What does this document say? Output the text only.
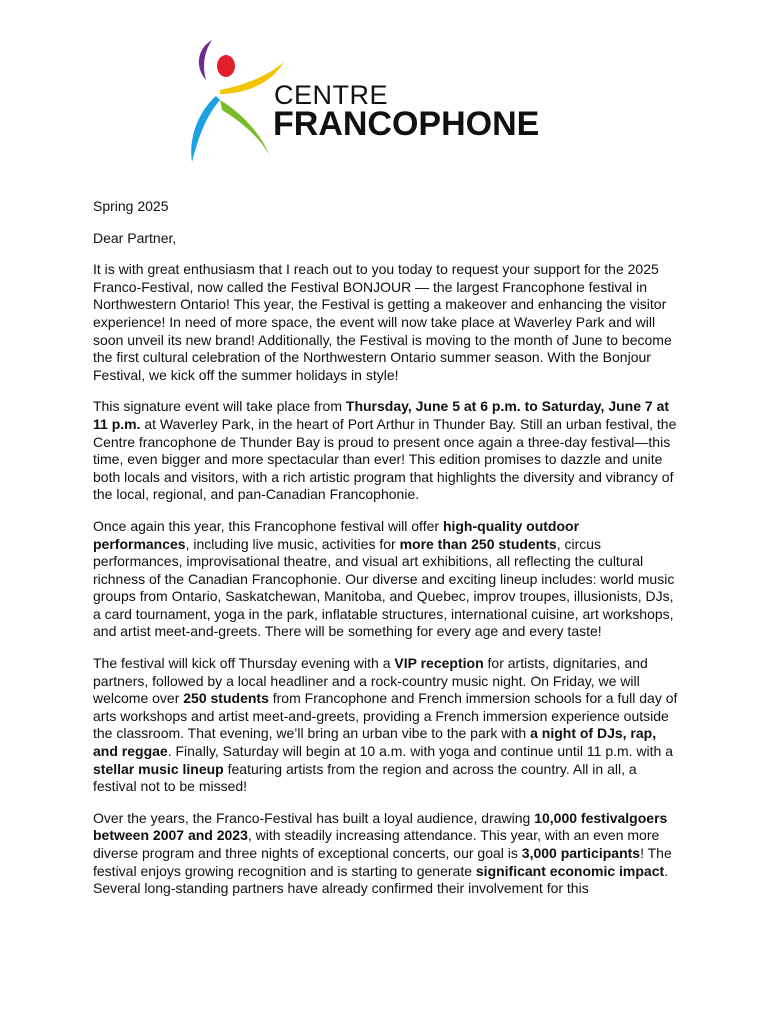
CENTRE
FRANCOPHONE

Spring 2025

Dear Partner,

It is with great enthusiasm that I reach out to you today to request your support for the 2025 Franco-Festival, now called the Festival BONJOUR — the largest Francophone festival in Northwestern Ontario! This year, the Festival is getting a makeover and enhancing the visitor experience! In need of more space, the event will now take place at Waverley Park and will soon unveil its new brand! Additionally, the Festival is moving to the month of June to become the first cultural celebration of the Northwestern Ontario summer season. With the Bonjour Festival, we kick off the summer holidays in style!

This signature event will take place from Thursday, June 5 at 6 p.m. to Saturday, June 7 at 11 p.m. at Waverley Park, in the heart of Port Arthur in Thunder Bay. Still an urban festival, the Centre francophone de Thunder Bay is proud to present once again a three-day festival—this time, even bigger and more spectacular than ever! This edition promises to dazzle and unite both locals and visitors, with a rich artistic program that highlights the diversity and vibrancy of the local, regional, and pan-Canadian Francophonie.

Once again this year, this Francophone festival will offer high-quality outdoor performances, including live music, activities for more than 250 students, circus performances, improvisational theatre, and visual art exhibitions, all reflecting the cultural richness of the Canadian Francophonie. Our diverse and exciting lineup includes: world music groups from Ontario, Saskatchewan, Manitoba, and Quebec, improv troupes, illusionists, DJs, a card tournament, yoga in the park, inflatable structures, international cuisine, art workshops, and artist meet-and-greets. There will be something for every age and every taste!

The festival will kick off Thursday evening with a VIP reception for artists, dignitaries, and partners, followed by a local headliner and a rock-country music night. On Friday, we will welcome over 250 students from Francophone and French immersion schools for a full day of arts workshops and artist meet-and-greets, providing a French immersion experience outside the classroom. That evening, we’ll bring an urban vibe to the park with a night of DJs, rap, and reggae. Finally, Saturday will begin at 10 a.m. with yoga and continue until 11 p.m. with a stellar music lineup featuring artists from the region and across the country. All in all, a festival not to be missed!

Over the years, the Franco-Festival has built a loyal audience, drawing 10,000 festivalgoers between 2007 and 2023, with steadily increasing attendance. This year, with an even more diverse program and three nights of exceptional concerts, our goal is 3,000 participants! The festival enjoys growing recognition and is starting to generate significant economic impact. Several long-standing partners have already confirmed their involvement for this
